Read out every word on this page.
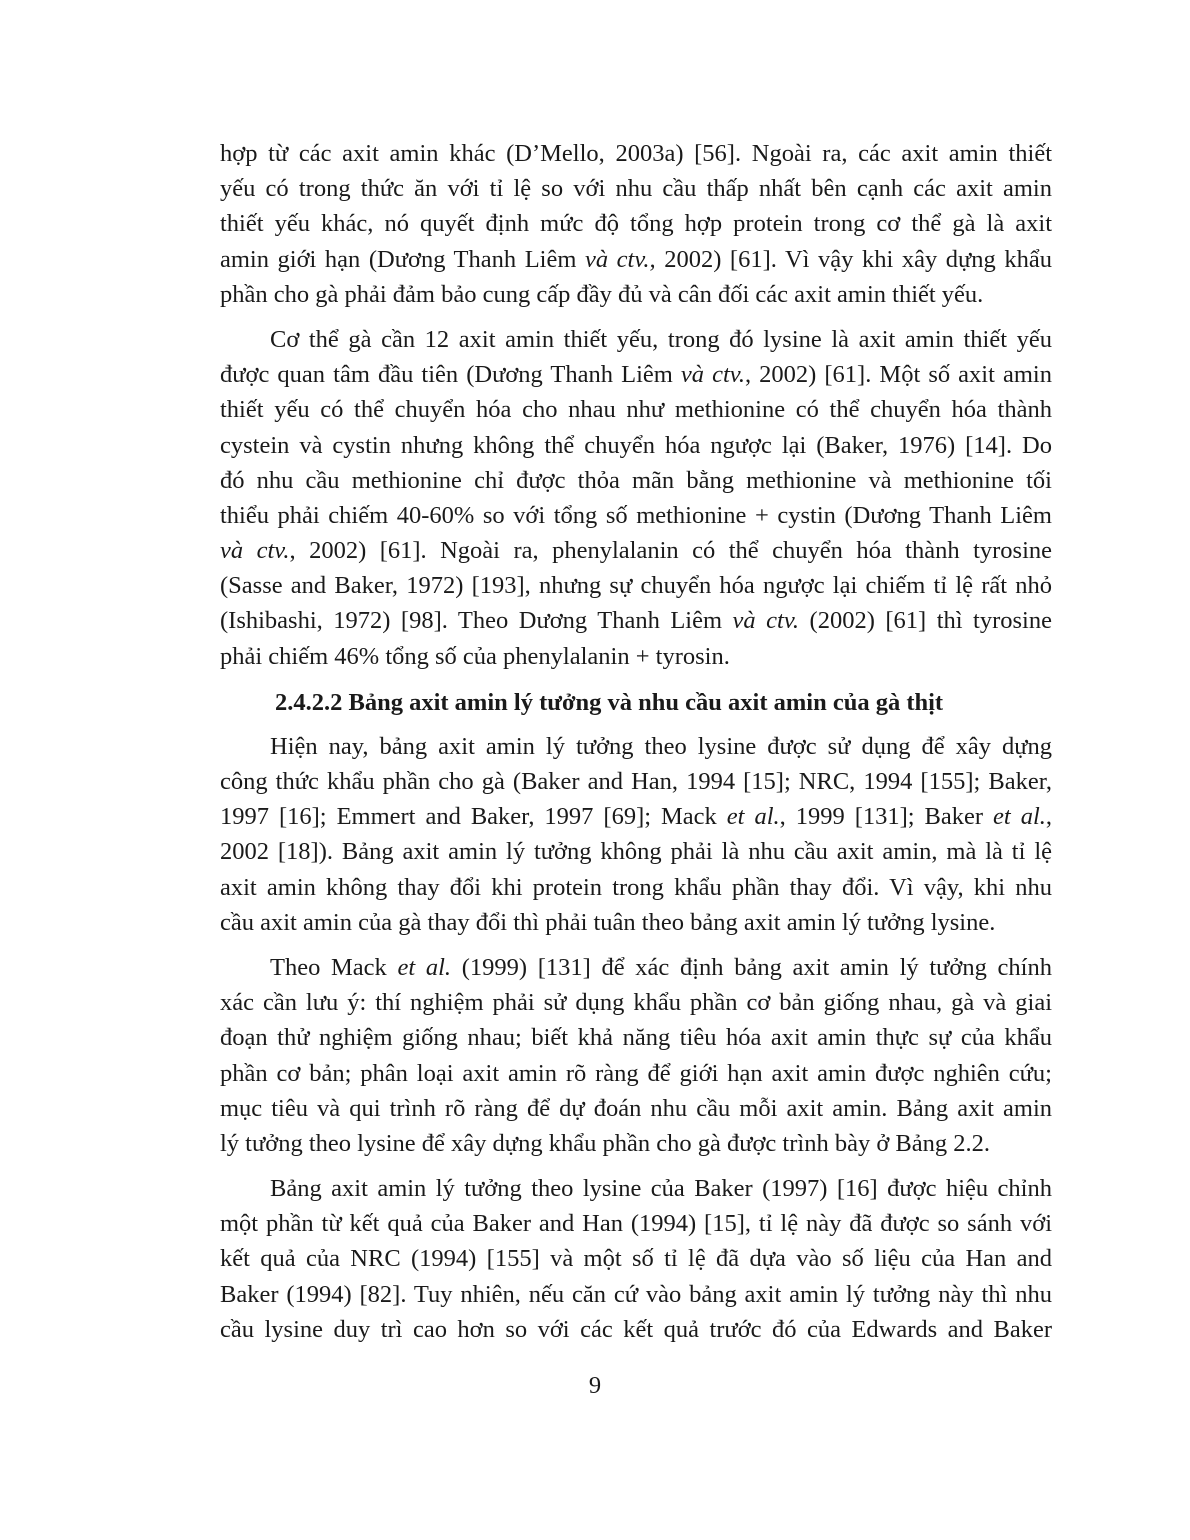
hợp từ các axit amin khác (D’Mello, 2003a) [56]. Ngoài ra, các axit amin thiết
yếu có trong thức ăn với tỉ lệ so với nhu cầu thấp nhất bên cạnh các axit amin
thiết yếu khác, nó quyết định mức độ tổng hợp protein trong cơ thể gà là axit
amin giới hạn (Dương Thanh Liêm và ctv., 2002) [61]. Vì vậy khi xây dựng khẩu
phần cho gà phải đảm bảo cung cấp đầy đủ và cân đối các axit amin thiết yếu.
Cơ thể gà cần 12 axit amin thiết yếu, trong đó lysine là axit amin thiết yếu
được quan tâm đầu tiên (Dương Thanh Liêm và ctv., 2002) [61]. Một số axit amin
thiết yếu có thể chuyển hóa cho nhau như methionine có thể chuyển hóa thành
cystein và cystin nhưng không thể chuyển hóa ngược lại (Baker, 1976) [14]. Do
đó nhu cầu methionine chỉ được thỏa mãn bằng methionine và methionine tối
thiểu phải chiếm 40-60% so với tổng số methionine + cystin (Dương Thanh Liêm
và ctv., 2002) [61]. Ngoài ra, phenylalanin có thể chuyển hóa thành tyrosine
(Sasse and Baker, 1972) [193], nhưng sự chuyển hóa ngược lại chiếm tỉ lệ rất nhỏ
(Ishibashi, 1972) [98]. Theo Dương Thanh Liêm và ctv. (2002) [61] thì tyrosine
phải chiếm 46% tổng số của phenylalanin + tyrosin.
2.4.2.2 Bảng axit amin lý tưởng và nhu cầu axit amin của gà thịt
Hiện nay, bảng axit amin lý tưởng theo lysine được sử dụng để xây dựng
công thức khẩu phần cho gà (Baker and Han, 1994 [15]; NRC, 1994 [155]; Baker,
1997 [16]; Emmert and Baker, 1997 [69]; Mack et al., 1999 [131]; Baker et al.,
2002 [18]). Bảng axit amin lý tưởng không phải là nhu cầu axit amin, mà là tỉ lệ
axit amin không thay đổi khi protein trong khẩu phần thay đổi. Vì vậy, khi nhu
cầu axit amin của gà thay đổi thì phải tuân theo bảng axit amin lý tưởng lysine.
Theo Mack et al. (1999) [131] để xác định bảng axit amin lý tưởng chính
xác cần lưu ý: thí nghiệm phải sử dụng khẩu phần cơ bản giống nhau, gà và giai
đoạn thử nghiệm giống nhau; biết khả năng tiêu hóa axit amin thực sự của khẩu
phần cơ bản; phân loại axit amin rõ ràng để giới hạn axit amin được nghiên cứu;
mục tiêu và qui trình rõ ràng để dự đoán nhu cầu mỗi axit amin. Bảng axit amin
lý tưởng theo lysine để xây dựng khẩu phần cho gà được trình bày ở Bảng 2.2.
Bảng axit amin lý tưởng theo lysine của Baker (1997) [16] được hiệu chỉnh
một phần từ kết quả của Baker and Han (1994) [15], tỉ lệ này đã được so sánh với
kết quả của NRC (1994) [155] và một số tỉ lệ đã dựa vào số liệu của Han and
Baker (1994) [82]. Tuy nhiên, nếu căn cứ vào bảng axit amin lý tưởng này thì nhu
cầu lysine duy trì cao hơn so với các kết quả trước đó của Edwards and Baker
9
